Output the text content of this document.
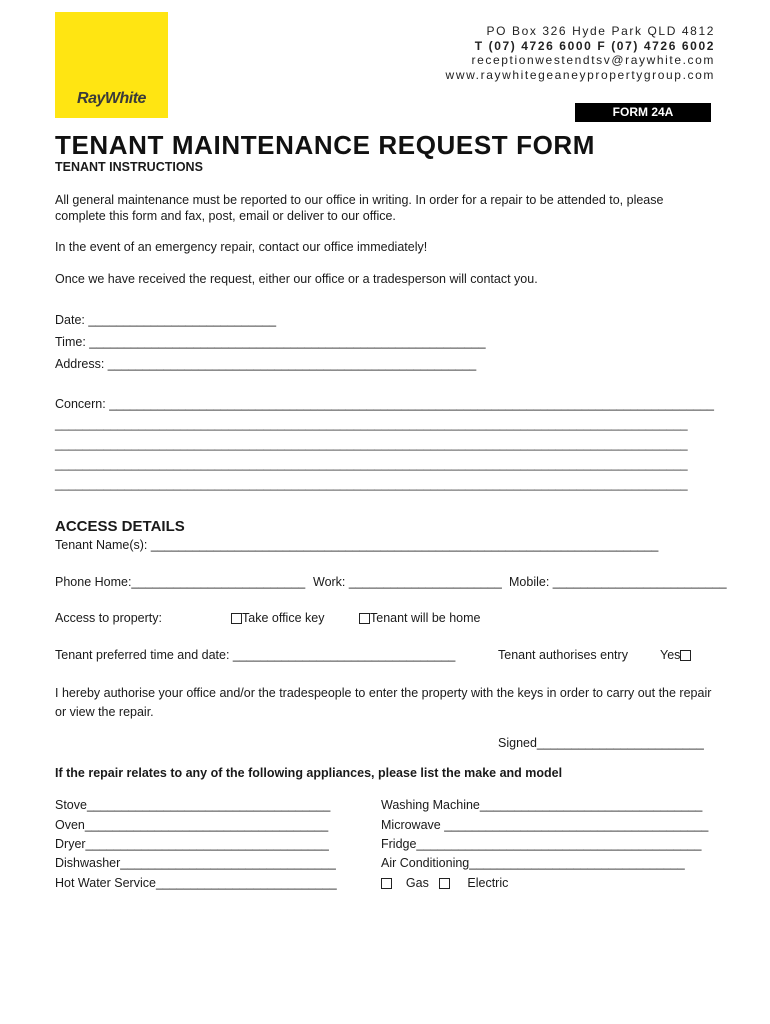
RayWhite
PO Box 326 Hyde Park QLD 4812
T (07) 4726 6000 F (07) 4726 6002
receptionwestendtsv@raywhite.com
www.raywhitegeaneypropertygroup.com
FORM 24A
TENANT MAINTENANCE REQUEST FORM
TENANT INSTRUCTIONS
All general maintenance must be reported to our office in writing. In order for a repair to be attended to, please complete this form and fax, post, email or deliver to our office.
In the event of an emergency repair, contact our office immediately!
Once we have received the request, either our office or a tradesperson will contact you.
Date: ___________________________
Time: _________________________________________________________
Address: _____________________________________________________
Concern: _______________________________________________________________________________________
___________________________________________________________________________________________
___________________________________________________________________________________________
___________________________________________________________________________________________
___________________________________________________________________________________________
ACCESS DETAILS
Tenant Name(s): _________________________________________________________________________
Phone Home:_________________________ Work: ______________________ Mobile: _________________________
Access to property:	Take office key	Tenant will be home
Tenant preferred time and date: ________________________________	Tenant authorises entry	Yes
I hereby authorise your office and/or the tradespeople to enter the property with the keys in order to carry out the repair or view the repair.
Signed________________________
If the repair relates to any of the following appliances, please list the make and model
Stove___________________________________
Oven___________________________________
Dryer___________________________________
Dishwasher_______________________________
Hot Water Service__________________________
Washing Machine________________________________
Microwave ______________________________________
Fridge_________________________________________
Air Conditioning_______________________________
Gas	Electric
